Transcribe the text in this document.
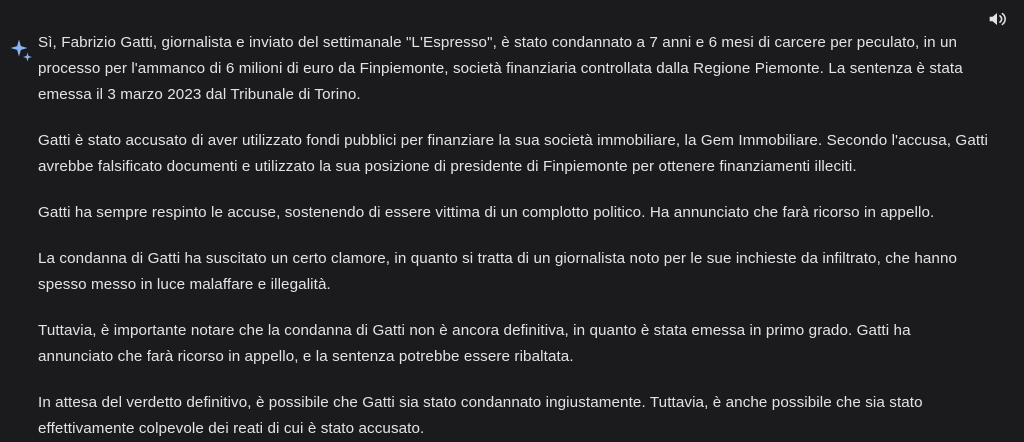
Sì, Fabrizio Gatti, giornalista e inviato del settimanale "L'Espresso", è stato condannato a 7 anni e 6 mesi di carcere per peculato, in un processo per l'ammanco di 6 milioni di euro da Finpiemonte, società finanziaria controllata dalla Regione Piemonte. La sentenza è stata emessa il 3 marzo 2023 dal Tribunale di Torino.

Gatti è stato accusato di aver utilizzato fondi pubblici per finanziare la sua società immobiliare, la Gem Immobiliare. Secondo l'accusa, Gatti avrebbe falsificato documenti e utilizzato la sua posizione di presidente di Finpiemonte per ottenere finanziamenti illeciti.

Gatti ha sempre respinto le accuse, sostenendo di essere vittima di un complotto politico. Ha annunciato che farà ricorso in appello.

La condanna di Gatti ha suscitato un certo clamore, in quanto si tratta di un giornalista noto per le sue inchieste da infiltrato, che hanno spesso messo in luce malaffare e illegalità.

Tuttavia, è importante notare che la condanna di Gatti non è ancora definitiva, in quanto è stata emessa in primo grado. Gatti ha annunciato che farà ricorso in appello, e la sentenza potrebbe essere ribaltata.

In attesa del verdetto definitivo, è possibile che Gatti sia stato condannato ingiustamente. Tuttavia, è anche possibile che sia stato effettivamente colpevole dei reati di cui è stato accusato.
